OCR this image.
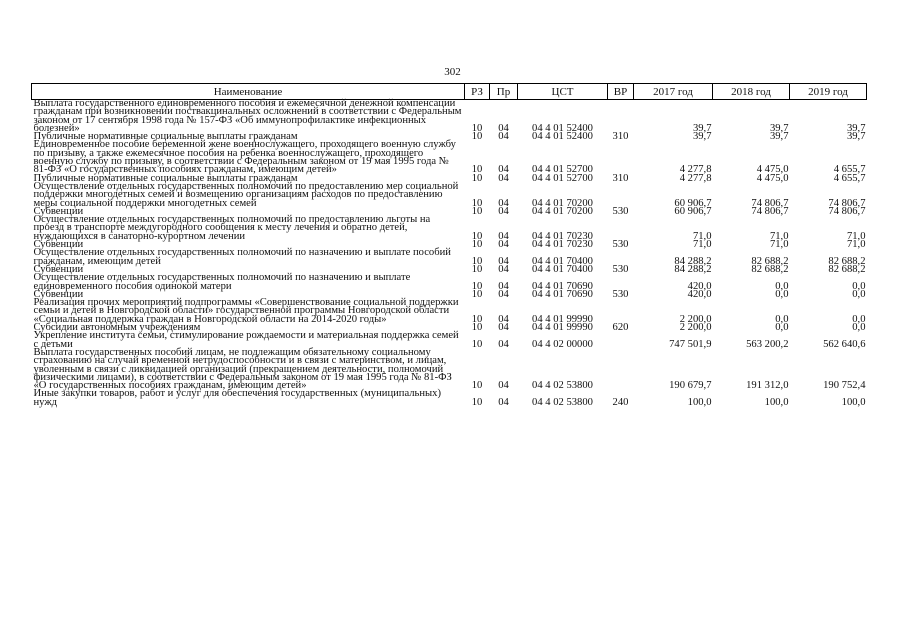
302
Наименование	РЗ	Пр	ЦСТ	ВР	2017 год	2018 год	2019 год
Выплата государственного единовременного пособия и ежемесячной денежной компенсации гражданам при возникновении поствакцинальных осложнений в соответствии с Федеральным законом от 17 сентября 1998 года № 157-ФЗ «Об иммунопрофилактике инфекционных болезней»	10	04	04 4 01 52400		39,7	39,7	39,7
Публичные нормативные социальные выплаты гражданам	10	04	04 4 01 52400	310	39,7	39,7	39,7
Единовременное пособие беременной жене военнослужащего, проходящего военную службу по призыву, а также ежемесячное пособия на ребенка военнослужащего, проходящего военную службу по призыву, в соответствии с Федеральным законом от 19 мая 1995 года № 81-ФЗ «О государственных пособиях гражданам, имеющим детей»	10	04	04 4 01 52700		4 277,8	4 475,0	4 655,7
Публичные нормативные социальные выплаты гражданам	10	04	04 4 01 52700	310	4 277,8	4 475,0	4 655,7
Осуществление отдельных государственных полномочий по предоставлению мер социальной поддержки многодетных семей и возмещению организациям расходов по предоставлению меры социальной поддержки многодетных семей	10	04	04 4 01 70200		60 906,7	74 806,7	74 806,7
Субвенции	10	04	04 4 01 70200	530	60 906,7	74 806,7	74 806,7
Осуществление отдельных государственных полномочий по предоставлению льготы на проезд в транспорте междугородного сообщения к месту лечения и обратно детей, нуждающихся в санаторно-курортном лечении	10	04	04 4 01 70230		71,0	71,0	71,0
Субвенции	10	04	04 4 01 70230	530	71,0	71,0	71,0
Осуществление отдельных государственных полномочий по назначению и выплате пособий гражданам, имеющим детей	10	04	04 4 01 70400		84 288,2	82 688,2	82 688,2
Субвенции	10	04	04 4 01 70400	530	84 288,2	82 688,2	82 688,2
Осуществление отдельных государственных полномочий по назначению и выплате единовременного пособия одинокой матери	10	04	04 4 01 70690		420,0	0,0	0,0
Субвенции	10	04	04 4 01 70690	530	420,0	0,0	0,0
Реализация прочих мероприятий подпрограммы «Совершенствование социальной поддержки семьи и детей в Новгородской области» государственной программы Новгородской области «Социальная поддержка граждан в Новгородской области на 2014-2020 годы»	10	04	04 4 01 99990		2 200,0	0,0	0,0
Субсидии автономным учреждениям	10	04	04 4 01 99990	620	2 200,0	0,0	0,0
Укрепление института семьи, стимулирование рождаемости и материальная поддержка семей с детьми	10	04	04 4 02 00000		747 501,9	563 200,2	562 640,6
Выплата государственных пособий лицам, не подлежащим обязательному социальному страхованию на случай временной нетрудоспособности и в связи с материнством, и лицам, уволенным в связи с ликвидацией организаций (прекращением деятельности, полномочий физическими лицами), в соответствии с Федеральным законом от 19 мая 1995 года № 81-ФЗ «О государственных пособиях гражданам, имеющим детей»	10	04	04 4 02 53800		190 679,7	191 312,0	190 752,4
Иные закупки товаров, работ и услуг для обеспечения государственных (муниципальных) нужд	10	04	04 4 02 53800	240	100,0	100,0	100,0
